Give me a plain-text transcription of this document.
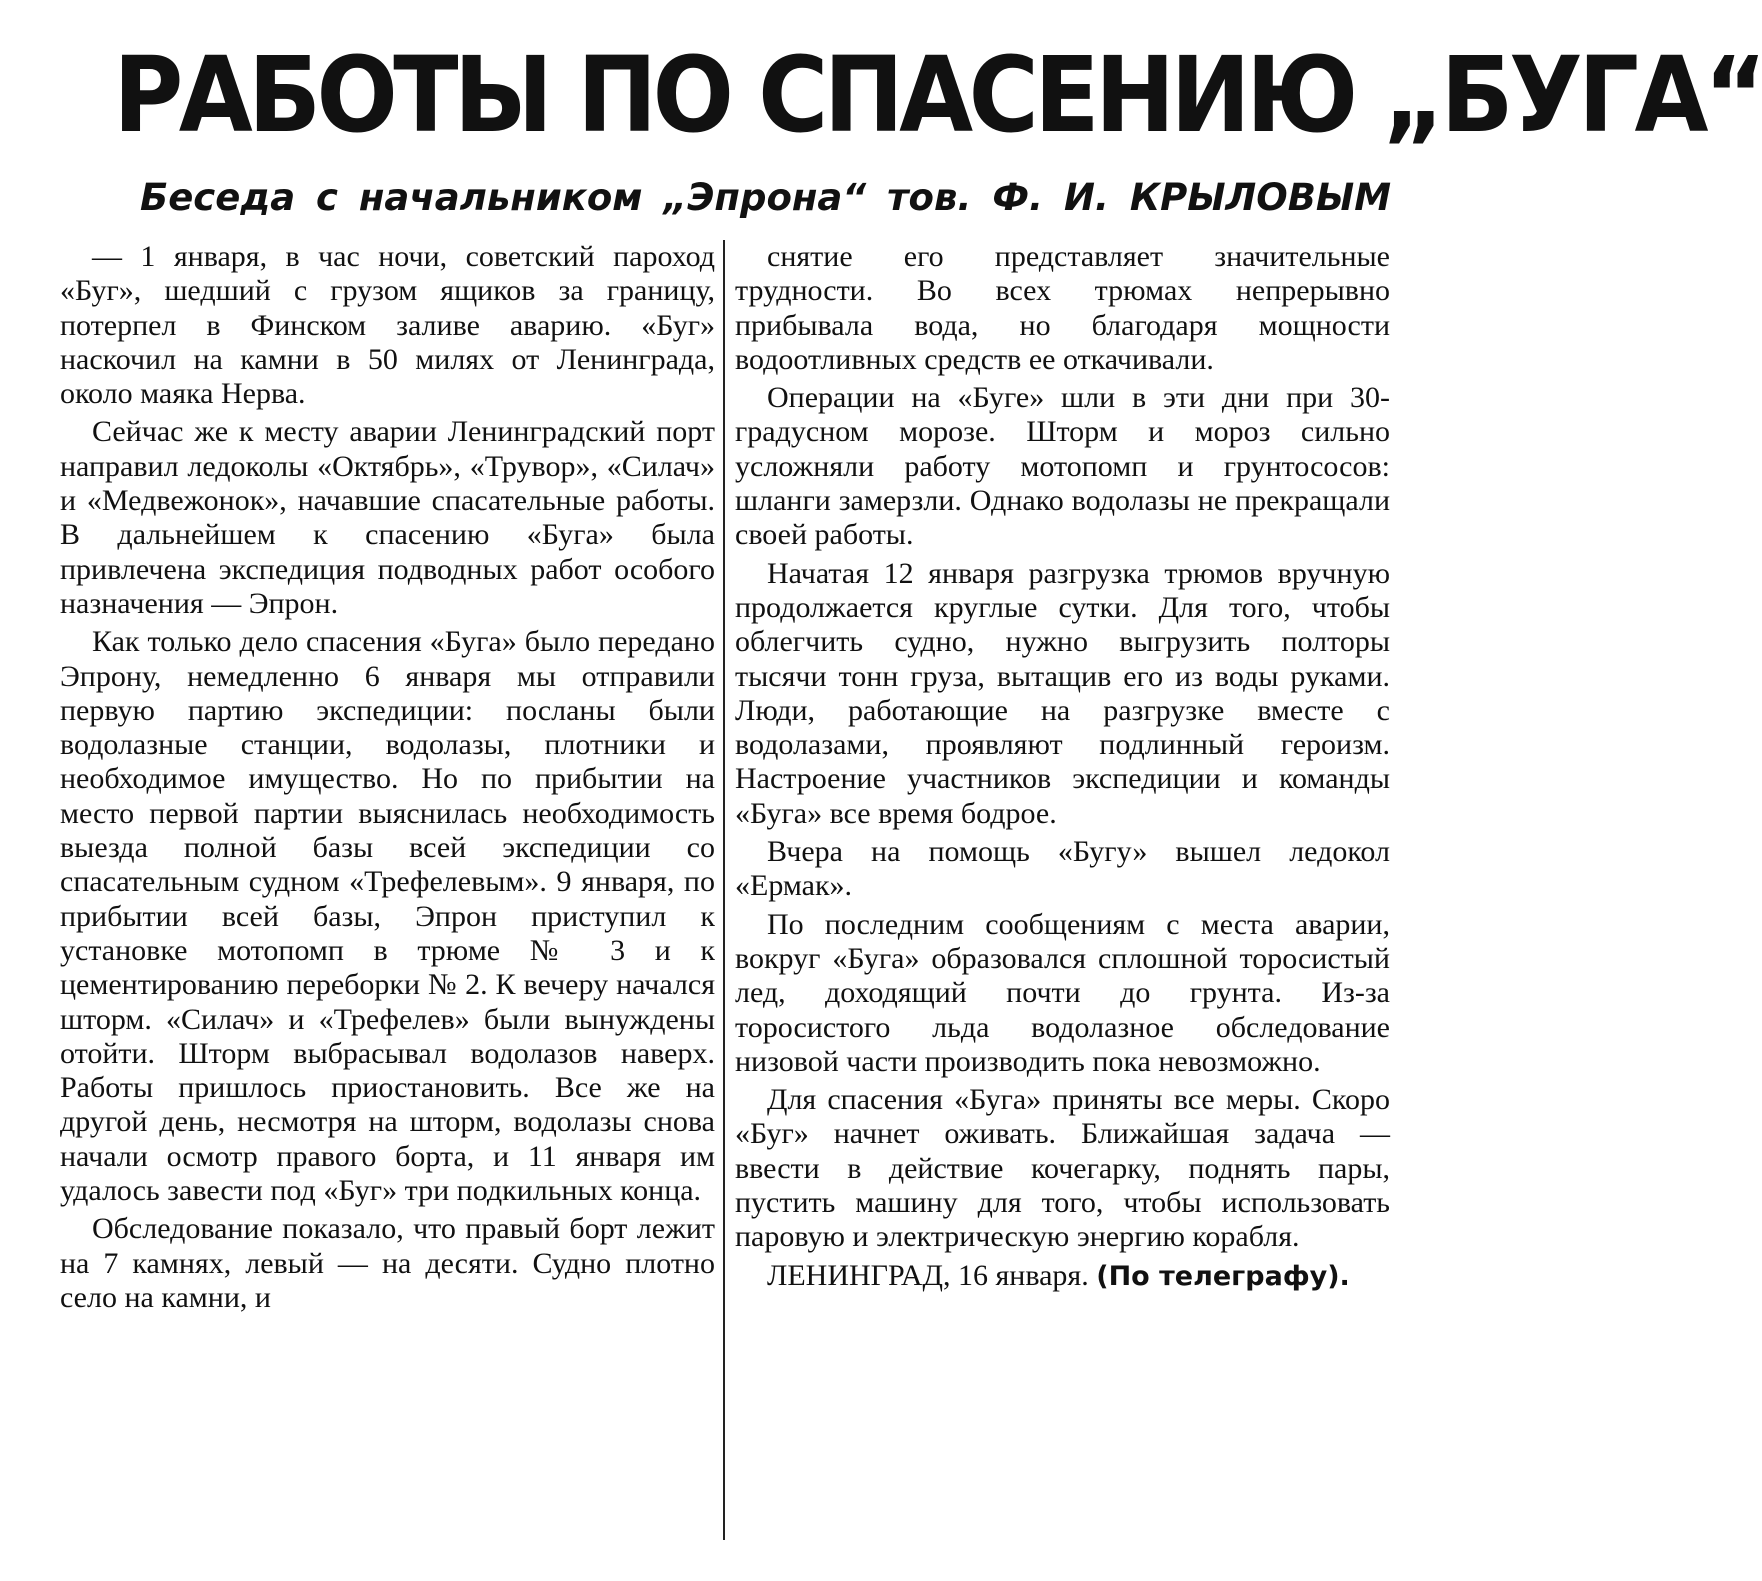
РАБОТЫ ПО СПАСЕНИЮ „БУГА“
Беседа с начальником „Эпрона“ тов. Ф. И. КРЫЛОВЫМ

— 1 января, в час ночи, советский пароход «Буг», шедший с грузом ящиков за границу, потерпел в Финском заливе аварию. «Буг» наскочил на камни в 50 милях от Ленинграда, около маяка Нерва.

Сейчас же к месту аварии Ленинградский порт направил ледоколы «Октябрь», «Трувор», «Силач» и «Медвежонок», начавшие спасательные работы. В дальнейшем к спасению «Буга» была привлечена экспедиция подводных работ особого назначения — Эпрон.

Как только дело спасения «Буга» было передано Эпрону, немедленно 6 января мы отправили первую партию экспедиции: посланы были водолазные станции, водолазы, плотники и необходимое имущество. Но по прибытии на место первой партии выяснилась необходимость выезда полной базы всей экспедиции со спасательным судном «Трефелевым». 9 января, по прибытии всей базы, Эпрон приступил к установке мотопомп в трюме № 3 и к цементированию переборки № 2. К вечеру начался шторм. «Силач» и «Трефелев» были вынуждены отойти. Шторм выбрасывал водолазов наверх. Работы пришлось приостановить. Все же на другой день, несмотря на шторм, водолазы снова начали осмотр правого борта, и 11 января им удалось завести под «Буг» три подкильных конца.

Обследование показало, что правый борт лежит на 7 камнях, левый — на десяти. Судно плотно село на камни, и

снятие его представляет значительные трудности. Во всех трюмах непрерывно прибывала вода, но благодаря мощности водоотливных средств ее откачивали.

Операции на «Буге» шли в эти дни при 30-градусном морозе. Шторм и мороз сильно усложняли работу мотопомп и грунтососов: шланги замерзли. Однако водолазы не прекращали своей работы.

Начатая 12 января разгрузка трюмов вручную продолжается круглые сутки. Для того, чтобы облегчить судно, нужно выгрузить полторы тысячи тонн груза, вытащив его из воды руками. Люди, работающие на разгрузке вместе с водолазами, проявляют подлинный героизм. Настроение участников экспедиции и команды «Буга» все время бодрое.

Вчера на помощь «Бугу» вышел ледокол «Ермак».

По последним сообщениям с места аварии, вокруг «Буга» образовался сплошной торосистый лед, доходящий почти до грунта. Из-за торосистого льда водолазное обследование низовой части производить пока невозможно.

Для спасения «Буга» приняты все меры. Скоро «Буг» начнет оживать. Ближайшая задача — ввести в действие кочегарку, поднять пары, пустить машину для того, чтобы использовать паровую и электрическую энергию корабля.

ЛЕНИНГРАД, 16 января. (По телеграфу).
